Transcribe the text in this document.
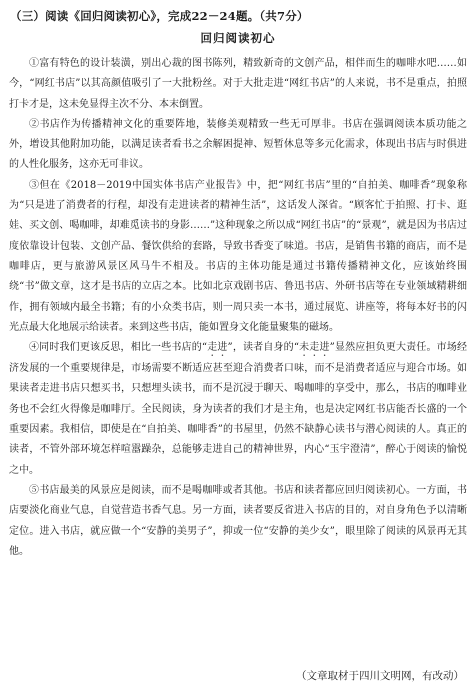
（三）阅读《回归阅读初心》，完成22－24题。（共7分）
回归阅读初心

①富有特色的设计装潢，别出心裁的图书陈列，精致新奇的文创产品，相伴而生的咖啡水吧……如今，“网红书店”以其高颜值吸引了一大批粉丝。对于大批走进“网红书店”的人来说，书不是重点，拍照打卡才是，这未免显得主次不分、本末倒置。

②书店作为传播精神文化的重要阵地，装修美观精致一些无可厚非。书店在强调阅读本质功能之外，增设其他附加功能，以满足读者看书之余解困提神、短暂休息等多元化需求，体现出书店与时俱进的人性化服务，这亦无可非议。

③但在《2018－2019中国实体书店产业报告》中，把“网红书店”里的“自拍美、咖啡香”现象称为“只是进了消费者的行程，却没有走进读者的精神生活”，这话发人深省。“顾客忙于拍照、打卡、逛娃、买文创、喝咖啡，却难觅读书的身影……”这种现象之所以成“网红书店”的“景观”，就是因为书店过度依靠设计包装、文创产品、餐饮供给的套路，导致书香变了味道。书店，是销售书籍的商店，而不是咖啡店，更与旅游风景区风马牛不相及。书店的主体功能是通过书籍传播精神文化，应该始终围绕“书”做文章，这才是书店的立店之本。比如北京戏剧书店、鲁迅书店、外研书店等在专业领域精耕细作，拥有领域内最全书籍；有的小众类书店，则一周只卖一本书，通过展览、讲座等，将每本好书的闪光点最大化地展示给读者。来到这些书店，能如置身文化能量聚集的磁场。

④同时我们更该反思，相比一些书店的“走进”，读者自身的“未走进”显然应担负更大责任。市场经济发展的一个重要规律是，市场需要不断适应甚至迎合消费者口味，而不是消费者适应与迎合市场。如果读者走进书店只想买书，只想埋头读书，而不是沉浸于聊天、喝咖啡的享受中，那么，书店的咖啡业务也不会红火得像是咖啡厅。全民阅读，身为读者的我们才是主角，也是决定网红书店能否长盛的一个重要因素。我相信，即使是在“自拍美、咖啡香”的书屋里，仍然不缺静心读书与潜心阅读的人。真正的读者，不管外部环境怎样喧嚣躁杂，总能够走进自己的精神世界，内心“玉宇澄清”，醉心于阅读的愉悦之中。

⑤书店最美的风景应是阅读，而不是喝咖啡或者其他。书店和读者都应回归阅读初心。一方面，书店要淡化商业气息，自觉营造书香气息。另一方面，读者要反省进入书店的目的，对自身角色予以清晰定位。进入书店，就应做一个“安静的美男子”，抑或一位“安静的美少女”，眼里除了阅读的风景再无其他。

（文章取材于四川文明网，有改动）
